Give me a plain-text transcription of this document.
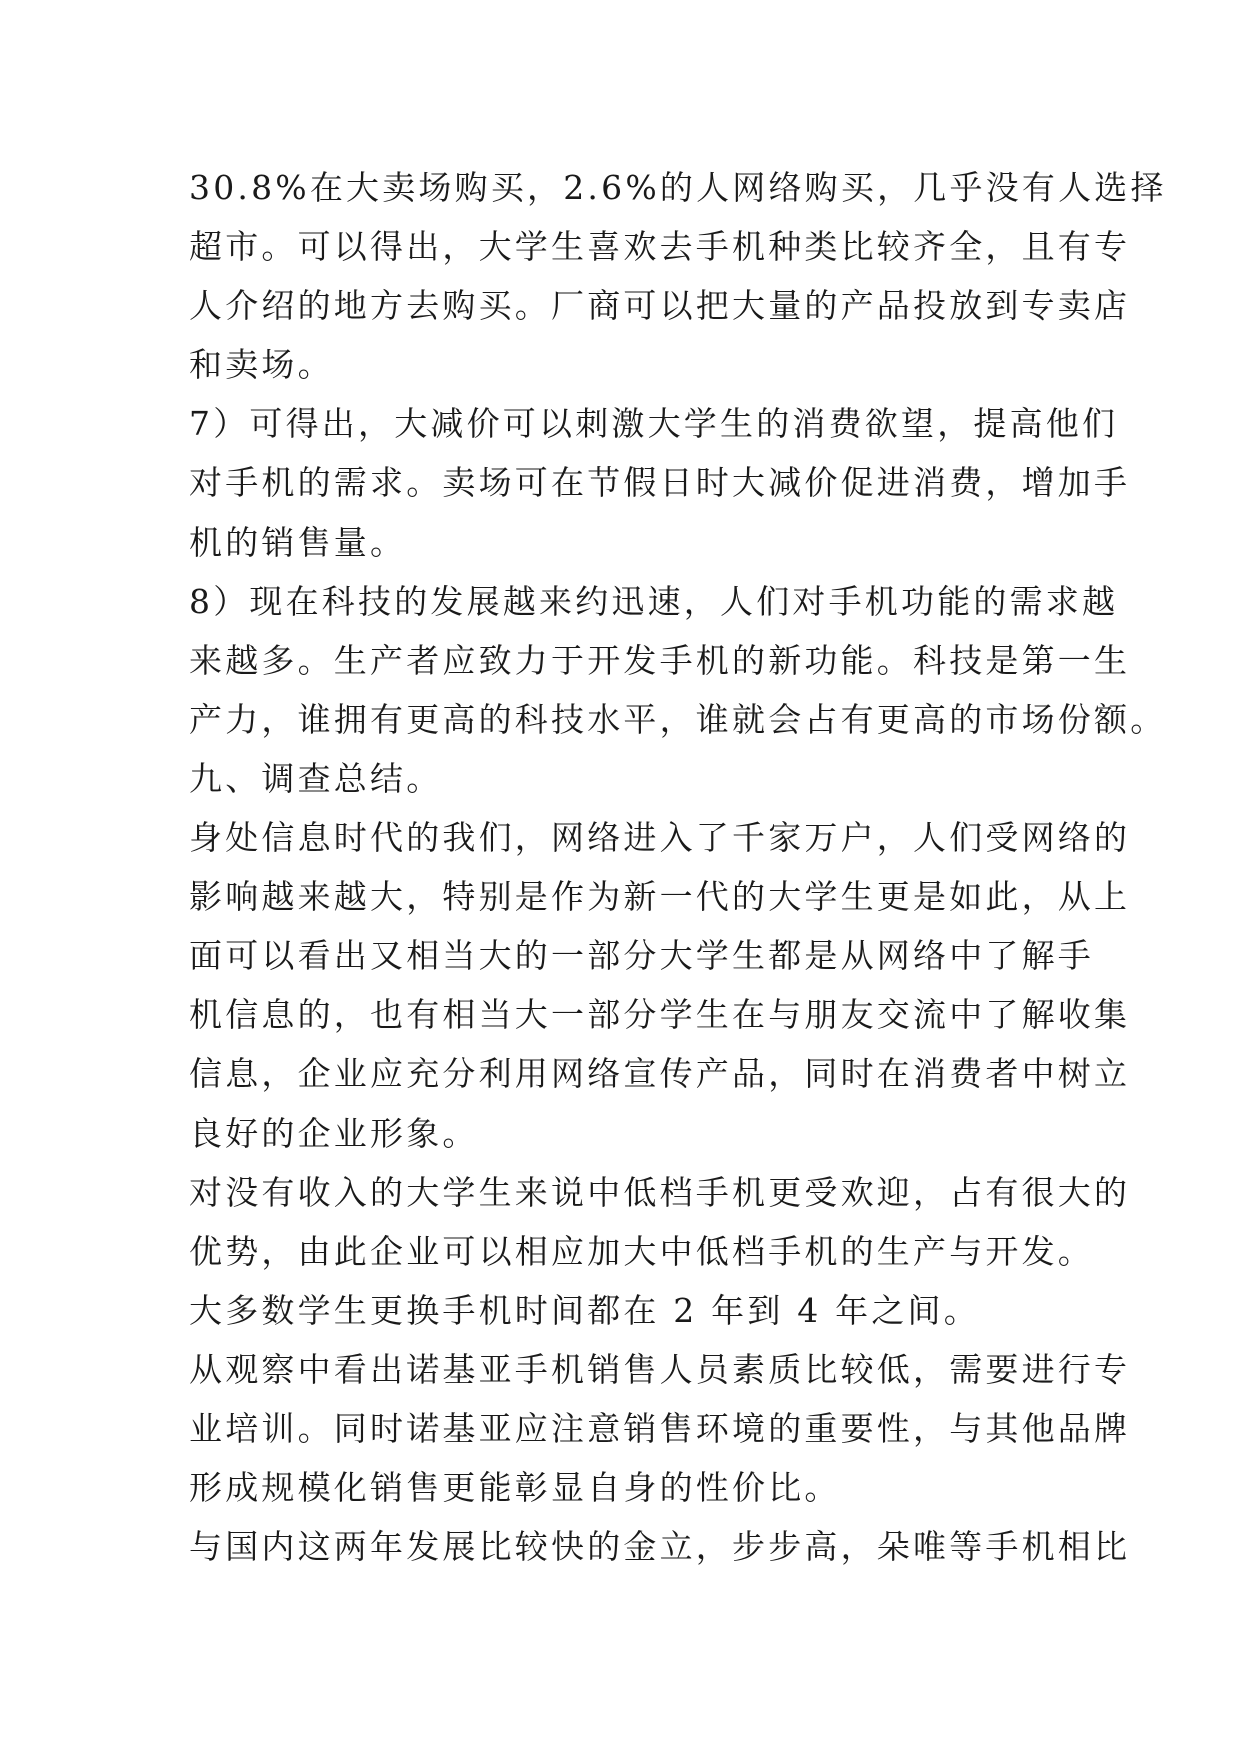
30.8%在大卖场购买，2.6%的人网络购买，几乎没有人选择
超市。可以得出，大学生喜欢去手机种类比较齐全，且有专
人介绍的地方去购买。厂商可以把大量的产品投放到专卖店
和卖场。
7）可得出，大减价可以刺激大学生的消费欲望，提高他们
对手机的需求。卖场可在节假日时大减价促进消费，增加手
机的销售量。
8）现在科技的发展越来约迅速，人们对手机功能的需求越
来越多。生产者应致力于开发手机的新功能。科技是第一生
产力，谁拥有更高的科技水平，谁就会占有更高的市场份额。
九、调查总结。
身处信息时代的我们，网络进入了千家万户，人们受网络的
影响越来越大，特别是作为新一代的大学生更是如此，从上
面可以看出又相当大的一部分大学生都是从网络中了解手
机信息的，也有相当大一部分学生在与朋友交流中了解收集
信息，企业应充分利用网络宣传产品，同时在消费者中树立
良好的企业形象。
对没有收入的大学生来说中低档手机更受欢迎，占有很大的
优势，由此企业可以相应加大中低档手机的生产与开发。
大多数学生更换手机时间都在 2 年到 4 年之间。
从观察中看出诺基亚手机销售人员素质比较低，需要进行专
业培训。同时诺基亚应注意销售环境的重要性，与其他品牌
形成规模化销售更能彰显自身的性价比。
与国内这两年发展比较快的金立，步步高，朵唯等手机相比
